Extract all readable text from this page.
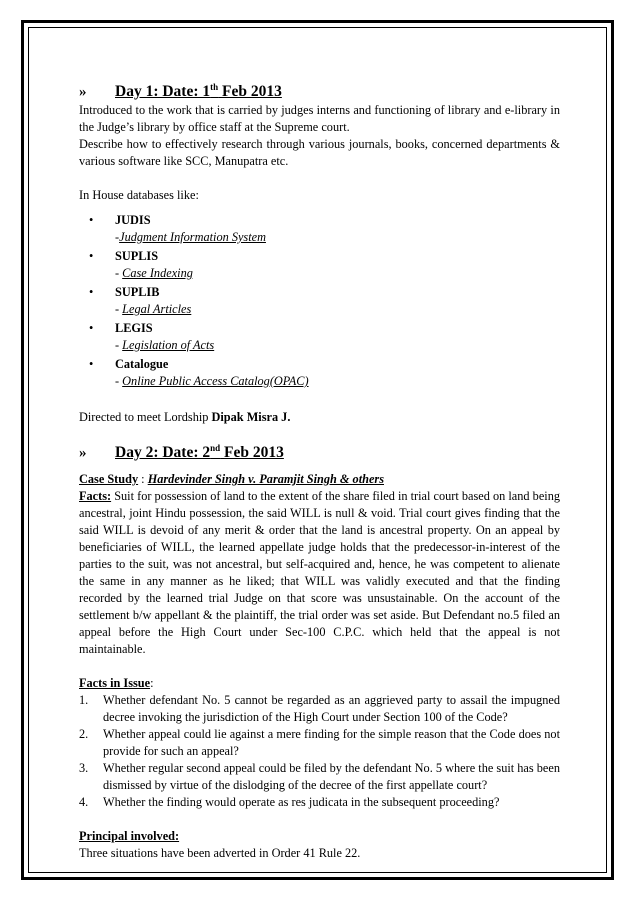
»	Day 1: Date: 1th Feb 2013

Introduced to the work that is carried by judges interns and functioning of library and e-library in the Judge’s library by office staff at the Supreme court.

Describe how to effectively research through various journals, books, concerned departments & various software like SCC, Manupatra etc.

In House databases like:

• JUDIS
-Judgment Information System
• SUPLIS
- Case Indexing
• SUPLIB
- Legal Articles
• LEGIS
- Legislation of Acts
• Catalogue
- Online Public Access Catalog(OPAC)

Directed to meet Lordship Dipak Misra J.

»	Day 2: Date: 2nd Feb 2013

Case Study : Hardevinder Singh v. Paramjit Singh & others

Facts: Suit for possession of land to the extent of the share filed in trial court based on land being ancestral, joint Hindu possession, the said WILL is null & void. Trial court gives finding that the said WILL is devoid of any merit & order that the land is ancestral property. On an appeal by beneficiaries of WILL, the learned appellate judge holds that the predecessor-in-interest of the parties to the suit, was not ancestral, but self-acquired and, hence, he was competent to alienate the same in any manner as he liked; that WILL was validly executed and that the finding recorded by the learned trial Judge on that score was unsustainable. On the account of the settlement b/w appellant & the plaintiff, the trial order was set aside. But Defendant no.5 filed an appeal before the High Court under Sec-100 C.P.C. which held that the appeal is not maintainable.

Facts in Issue:

1. Whether defendant No. 5 cannot be regarded as an aggrieved party to assail the impugned decree invoking the jurisdiction of the High Court under Section 100 of the Code?
2. Whether appeal could lie against a mere finding for the simple reason that the Code does not provide for such an appeal?
3. Whether regular second appeal could be filed by the defendant No. 5 where the suit has been dismissed by virtue of the dislodging of the decree of the first appellate court?
4. Whether the finding would operate as res judicata in the subsequent proceeding?

Principal involved:

Three situations have been adverted in Order 41 Rule 22.
